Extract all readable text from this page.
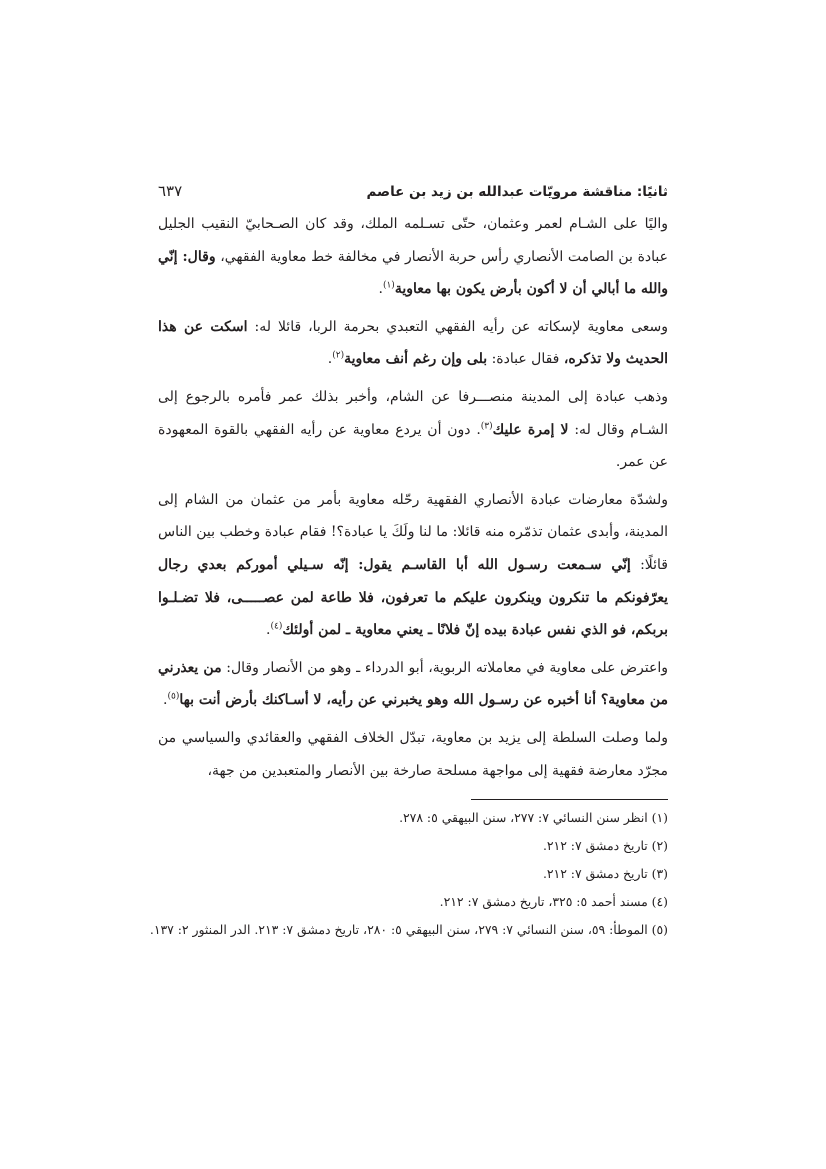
ثانيًا: مناقشة مرويّات عبدالله بن زيد بن عاصم
٦٣٧

واليًا على الشـام لعمر وعثمان، حتّى تسـلمه الملك، وقد كان الصـحابيّ النقيب الجليل عبادة بن الصامت الأنصاري رأس حربة الأنصار في مخالفة خط معاوية الفقهي، وقال: إنّي والله ما أبالي أن لا أكون بأرض يكون بها معاوية$^{(١)}$.

وسعى معاوية لإسكاته عن رأيه الفقهي التعبدي بحرمة الربا، قائلا له: اسكت عن هذا الحديث ولا تذكره، فقال عبادة: بلى وإن رغم أنف معاوية$^{(٢)}$.

وذهب عبادة إلى المدينة منصـــرفا عن الشام، وأخبر بذلك عمر فأمره بالرجوع إلى الشـام وقال له: لا إمرة عليك$^{(٣)}$. دون أن يردع معاوية عن رأيه الفقهي بالقوة المعهودة عن عمر.

ولشدّة معارضات عبادة الأنصاري الفقهية رحّله معاوية بأمر من عثمان من الشام إلى المدينة، وأبدى عثمان تذمّره منه قائلا: ما لنا ولَكَ يا عبادة؟! فقام عبادة وخطب بين الناس قائلًا: إنّي سـمعت رسـول الله أبا القاسـم يقول: إنّه سـيلي أموركم بعدي رجال يعرّفونكم ما تنكرون وينكرون عليكم ما تعرفون، فلا طاعة لمن عصـــــى، فلا تضـلـوا بربكم، فو الذي نفس عبادة بيده إنّ فلانًا ـ يعني معاوية ـ لمن أولئك$^{(٤)}$.

واعترض على معاوية في معاملاته الربوية، أبو الدرداء ـ وهو من الأنصار وقال: من يعذرني من معاوية؟ أنا أخبره عن رسـول الله وهو يخبرني عن رأيه، لا أسـاكنك بأرض أنت بها$^{(٥)}$.

ولما وصلت السلطة إلى يزيد بن معاوية، تبدّل الخلاف الفقهي والعقائدي والسياسي من مجرّد معارضة فقهية إلى مواجهة مسلحة صارخة بين الأنصار والمتعبدين من جهة،

(١) انظر سنن النسائي ٧: ٢٧٧، سنن البيهقي ٥: ٢٧٨.
(٢) تاريخ دمشق ٧: ٢١٢.
(٣) تاريخ دمشق ٧: ٢١٢.
(٤) مسند أحمد ٥: ٣٢٥، تاريخ دمشق ٧: ٢١٢.
(٥) الموطأ: ٥٩، سنن النسائي ٧: ٢٧٩، سنن البيهقي ٥: ٢٨٠، تاريخ دمشق ٧: ٢١٣. الدر المنثور ٢: ١٣٧.
